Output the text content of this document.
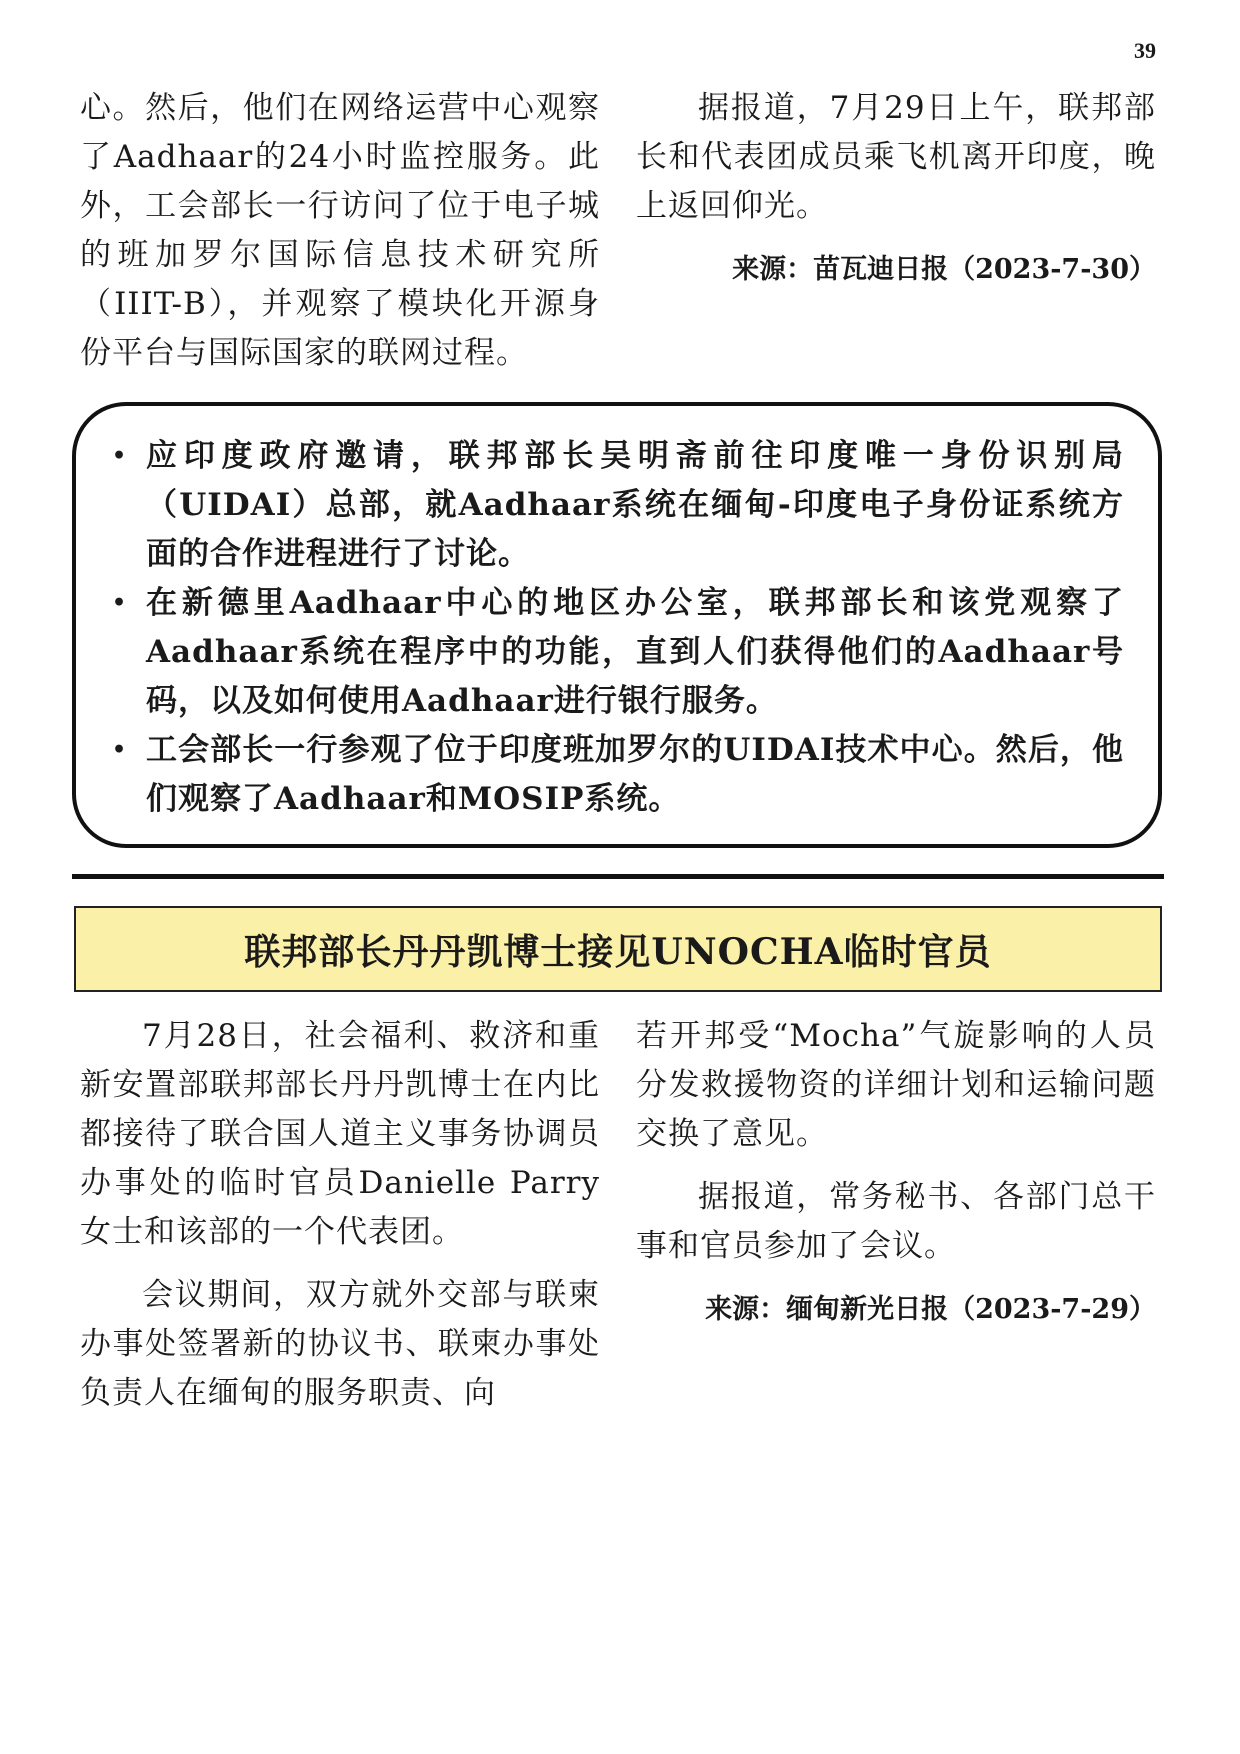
39

心。然后，他们在网络运营中心观察了Aadhaar的24小时监控服务。此外，工会部长一行访问了位于电子城的班加罗尔国际信息技术研究所（IIIT-B），并观察了模块化开源身份平台与国际国家的联网过程。

据报道，7月29日上午，联邦部长和代表团成员乘飞机离开印度，晚上返回仰光。

来源：苗瓦迪日报（2023-7-30）
• 应印度政府邀请，联邦部长吴明斋前往印度唯一身份识别局（UIDAI）总部，就Aadhaar系统在缅甸-印度电子身份证系统方面的合作进程进行了讨论。
• 在新德里Aadhaar中心的地区办公室，联邦部长和该党观察了Aadhaar系统在程序中的功能，直到人们获得他们的Aadhaar号码，以及如何使用Aadhaar进行银行服务。
• 工会部长一行参观了位于印度班加罗尔的UIDAI技术中心。然后，他们观察了Aadhaar和MOSIP系统。
联邦部长丹丹凯博士接见UNOCHA临时官员

7月28日，社会福利、救济和重新安置部联邦部长丹丹凯博士在内比都接待了联合国人道主义事务协调员办事处的临时官员Danielle Parry女士和该部的一个代表团。

会议期间，双方就外交部与联柬办事处签署新的协议书、联柬办事处负责人在缅甸的服务职责、向

若开邦受“Mocha”气旋影响的人员分发救援物资的详细计划和运输问题交换了意见。

据报道，常务秘书、各部门总干事和官员参加了会议。

来源：缅甸新光日报（2023-7-29）
